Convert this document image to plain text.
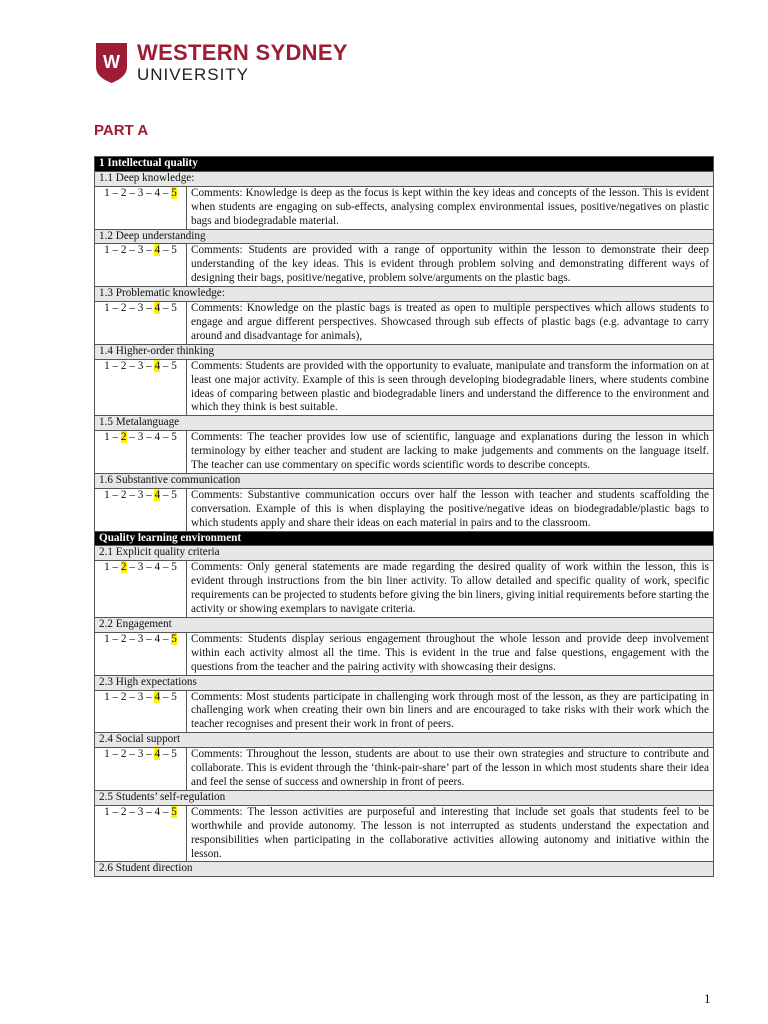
W WESTERN SYDNEY
UNIVERSITY
PART A
1 Intellectual quality	
1.1 Deep knowledge:	
1 – 2 – 3 – 4 – 5	Comments: Knowledge is deep as the focus is kept within the key ideas and concepts of the lesson. This is evident when students are engaging on sub-effects, analysing complex environmental issues, positive/negatives on plastic bags and biodegradable material.
1.2 Deep understanding	
1 – 2 – 3 – 4 – 5	Comments: Students are provided with a range of opportunity within the lesson to demonstrate their deep understanding of the key ideas. This is evident through problem solving and demonstrating different ways of designing their bags, positive/negative, problem solve/arguments on the plastic bags.
1.3 Problematic knowledge:	
1 – 2 – 3 – 4 – 5	Comments: Knowledge on the plastic bags is treated as open to multiple perspectives which allows students to engage and argue different perspectives. Showcased through sub effects of plastic bags (e.g. advantage to carry around and disadvantage for animals),
1.4 Higher-order thinking	
1 – 2 – 3 – 4 – 5	Comments: Students are provided with the opportunity to evaluate, manipulate and transform the information on at least one major activity. Example of this is seen through developing biodegradable liners, where students combine ideas of comparing between plastic and biodegradable liners and understand the difference to the environment and which they think is best suitable.
1.5 Metalanguage	
1 – 2 – 3 – 4 – 5	Comments: The teacher provides low use of scientific, language and explanations during the lesson in which terminology by either teacher and student are lacking to make judgements and comments on the language itself. The teacher can use commentary on specific words scientific words to describe concepts.
1.6 Substantive communication	
1 – 2 – 3 – 4 – 5	Comments: Substantive communication occurs over half the lesson with teacher and students scaffolding the conversation. Example of this is when displaying the positive/negative ideas on biodegradable/plastic bags to which students apply and share their ideas on each material in pairs and to the classroom.
Quality learning environment	
2.1 Explicit quality criteria	
1 – 2 – 3 – 4 – 5	Comments: Only general statements are made regarding the desired quality of work within the lesson, this is evident through instructions from the bin liner activity. To allow detailed and specific quality of work, specific requirements can be projected to students before giving the bin liners, giving initial requirements before starting the activity or showing exemplars to navigate criteria.
2.2 Engagement	
1 – 2 – 3 – 4 – 5	Comments: Students display serious engagement throughout the whole lesson and provide deep involvement within each activity almost all the time. This is evident in the true and false questions, engagement with the questions from the teacher and the pairing activity with showcasing their designs.
2.3 High expectations	
1 – 2 – 3 – 4 – 5	Comments: Most students participate in challenging work through most of the lesson, as they are participating in challenging work when creating their own bin liners and are encouraged to take risks with their work which the teacher recognises and present their work in front of peers.
2.4 Social support	
1 – 2 – 3 – 4 – 5	Comments: Throughout the lesson, students are about to use their own strategies and structure to contribute and collaborate. This is evident through the ‘think-pair-share’ part of the lesson in which most students share their idea and feel the sense of success and ownership in front of peers.
2.5 Students’ self-regulation	
1 – 2 – 3 – 4 – 5	Comments: The lesson activities are purposeful and interesting that include set goals that students feel to be worthwhile and provide autonomy. The lesson is not interrupted as students understand the expectation and responsibilities when participating in the collaborative activities allowing autonomy and initiative within the lesson.
2.6 Student direction	
1
